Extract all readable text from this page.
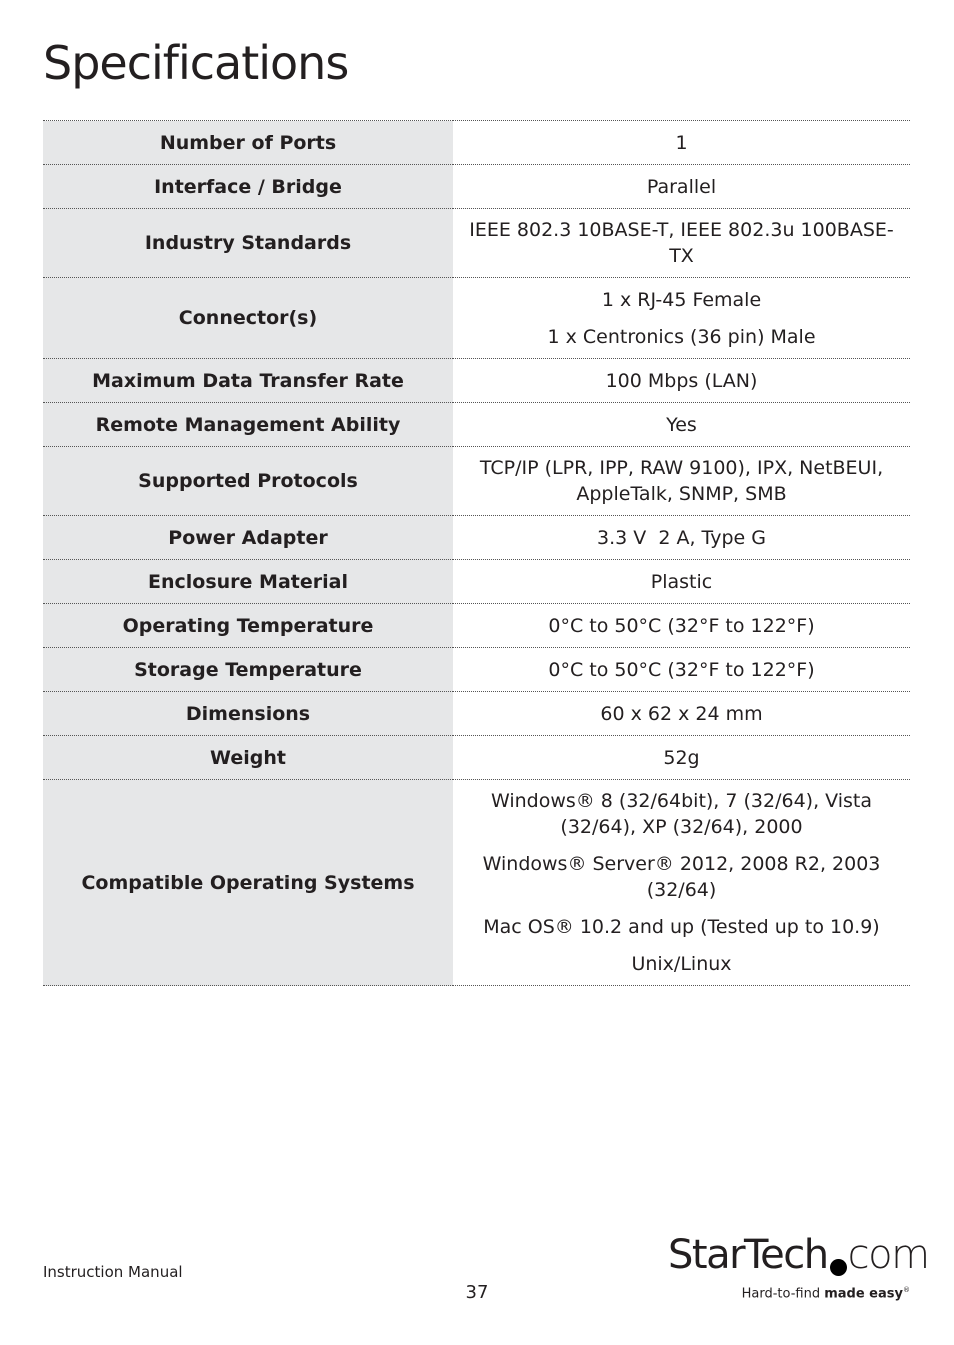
Specifications
Number of Ports	1

Interface / Bridge	Parallel

Industry Standards	IEEE 802.3 10BASE-T, IEEE 802.3u 100BASE-TX

Connector(s)	1 x RJ-45 Female

1 x Centronics (36 pin) Male

Maximum Data Transfer Rate	100 Mbps (LAN)

Remote Management Ability	Yes

Supported Protocols	TCP/IP (LPR, IPP, RAW 9100), IPX, NetBEUI, AppleTalk, SNMP, SMB

Power Adapter	3.3 V  2 A, Type G

Enclosure Material	Plastic

Operating Temperature	0°C to 50°C (32°F to 122°F)

Storage Temperature	0°C to 50°C (32°F to 122°F)

Dimensions	60 x 62 x 24 mm

Weight	52g

Compatible Operating Systems	Windows® 8 (32/64bit), 7 (32/64), Vista (32/64), XP (32/64), 2000

Windows® Server® 2012, 2008 R2, 2003 (32/64)

Mac OS® 10.2 and up (Tested up to 10.9)

Unix/Linux

Instruction Manual
37
StarTech com
Hard-to-find made easy®
